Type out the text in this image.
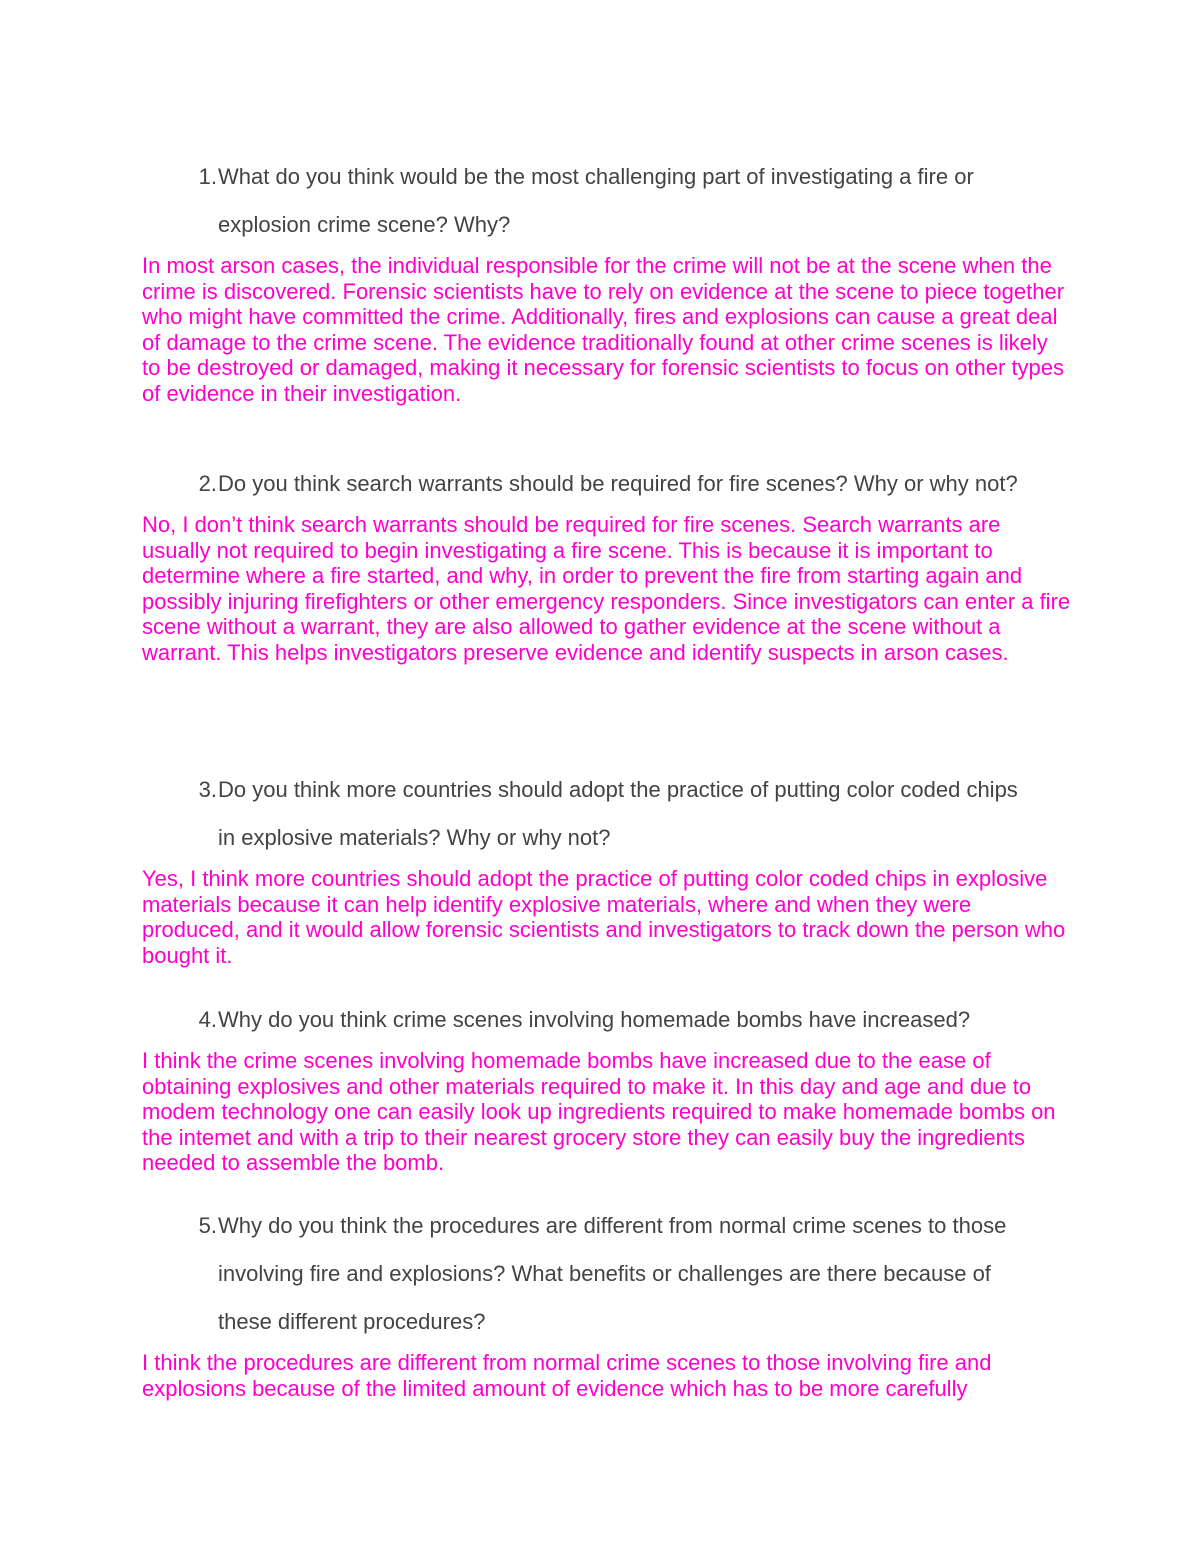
1. What do you think would be the most challenging part of investigating a fire or explosion crime scene? Why?
In most arson cases, the individual responsible for the crime will not be at the scene when the crime is discovered. Forensic scientists have to rely on evidence at the scene to piece together who might have committed the crime. Additionally, fires and explosions can cause a great deal of damage to the crime scene. The evidence traditionally found at other crime scenes is likely to be destroyed or damaged, making it necessary for forensic scientists to focus on other types of evidence in their investigation.
2. Do you think search warrants should be required for fire scenes? Why or why not?
No, I don’t think search warrants should be required for fire scenes. Search warrants are usually not required to begin investigating a fire scene. This is because it is important to determine where a fire started, and why, in order to prevent the fire from starting again and possibly injuring firefighters or other emergency responders. Since investigators can enter a fire scene without a warrant, they are also allowed to gather evidence at the scene without a warrant. This helps investigators preserve evidence and identify suspects in arson cases.
3. Do you think more countries should adopt the practice of putting color coded chips in explosive materials? Why or why not?
Yes, I think more countries should adopt the practice of putting color coded chips in explosive materials because it can help identify explosive materials, where and when they were produced, and it would allow forensic scientists and investigators to track down the person who bought it.
4. Why do you think crime scenes involving homemade bombs have increased?
I think the crime scenes involving homemade bombs have increased due to the ease of obtaining explosives and other materials required to make it. In this day and age and due to modem technology one can easily look up ingredients required to make homemade bombs on the intemet and with a trip to their nearest grocery store they can easily buy the ingredients needed to assemble the bomb.
5. Why do you think the procedures are different from normal crime scenes to those involving fire and explosions? What benefits or challenges are there because of these different procedures?
I think the procedures are different from normal crime scenes to those involving fire and explosions because of the limited amount of evidence which has to be more carefully
